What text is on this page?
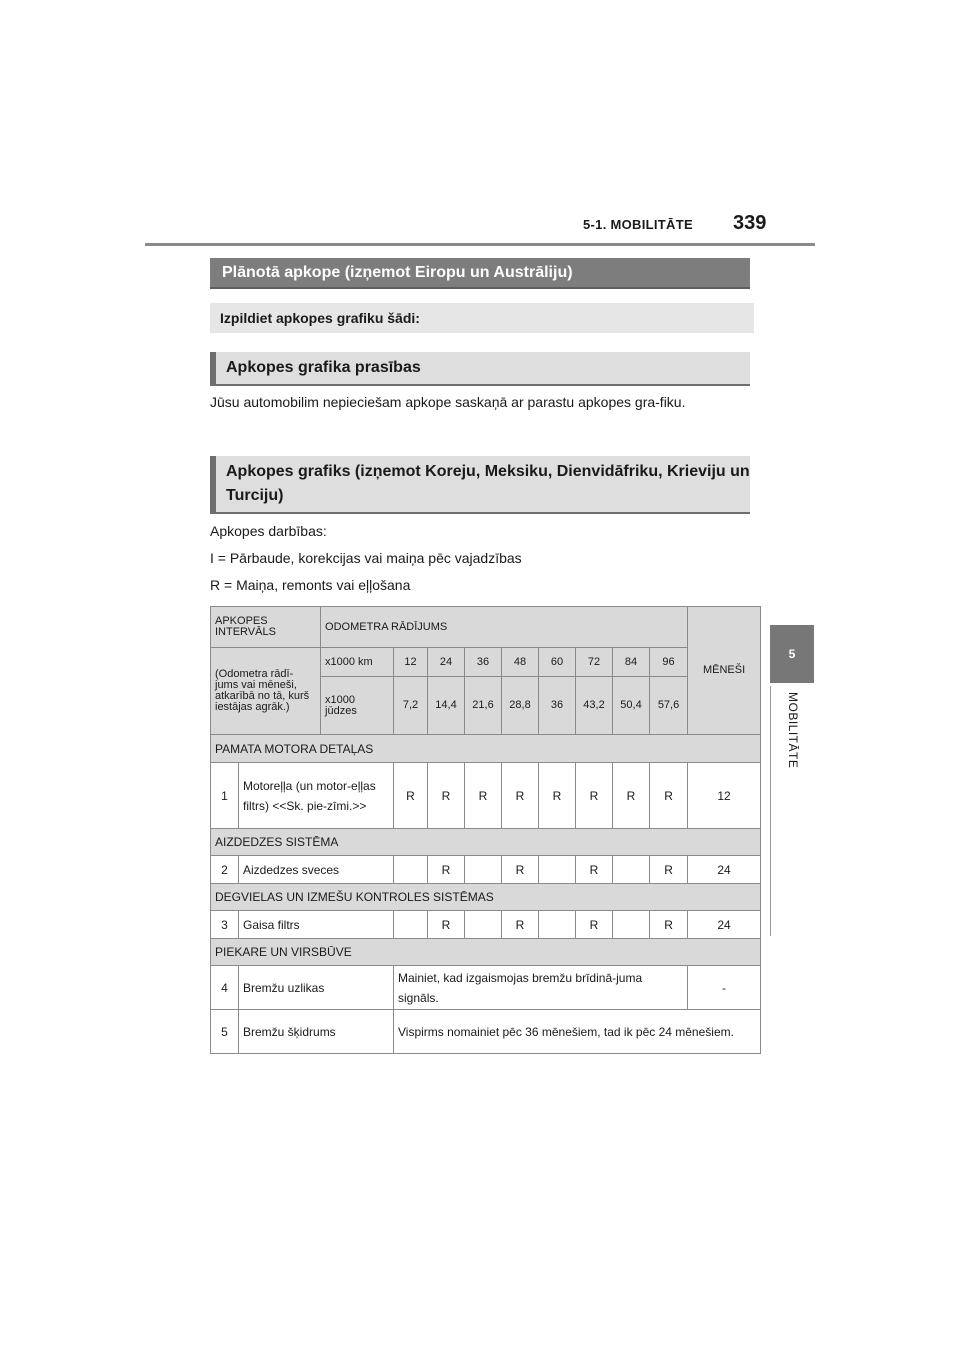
5-1. MOBILITĀTE 339
5
MOBILITĀTE
Plānotā apkope (izņemot Eiropu un Austrāliju)
Izpildiet apkopes grafiku šādi:
Apkopes grafika prasības
Jūsu automobilim nepieciešam apkope saskaņā ar parastu apkopes gra-fiku.
Apkopes grafiks (izņemot Koreju, Meksiku, Dienvidāfriku, Krieviju un Turciju)
Apkopes darbības:
I = Pārbaude, korekcijas vai maiņa pēc vajadzības
R = Maiņa, remonts vai eļļošana
APKOPES INTERVĀLS		ODOMETRA RĀDĪJUMS									MĒNEŠI
(Odometra rādī-jums vai mēneši, atkarībā no tā, kurš iestājas agrāk.)		x1000 km	12	24	36	48	60	72	84	96	
		x1000 jūdzes	7,2	14,4	21,6	28,8	36	43,2	50,4	57,6	
PAMATA MOTORA DETAĻAS											
1	Motoreļļa (un motor-eļļas filtrs) <<Sk. pie-zīmi.>>		R	R	R	R	R	R	R	R	12
AIZDEDZES SISTĒMA											
2	Aizdedzes sveces			R		R		R		R	24
DEGVIELAS UN IZMEŠU KONTROLES SISTĒMAS											
3	Gaisa filtrs			R		R		R		R	24
PIEKARE UN VIRSBŪVE											
4	Bremžu uzlikas		Mainiet, kad izgaismojas bremžu brīdinā-juma signāls.								-
5	Bremžu šķidrums		Vispirms nomainiet pēc 36 mēnešiem, tad ik pēc 24 mēnešiem.								
